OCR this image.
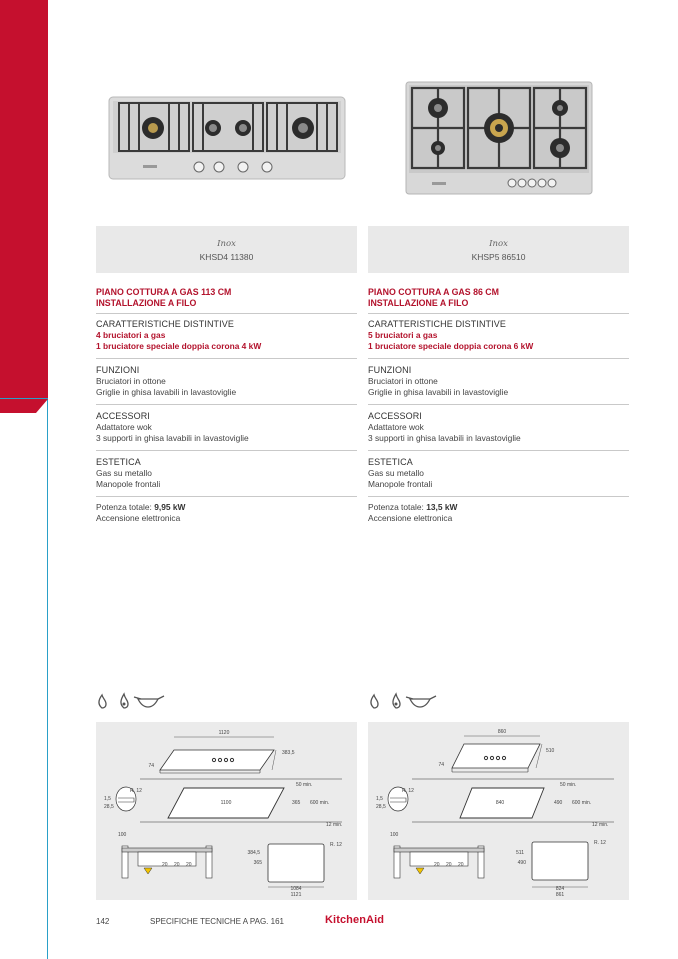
Inox
KHSD4 11380
PIANO COTTURA A GAS 113 CM
INSTALLAZIONE A FILO
CARATTERISTICHE DISTINTIVE
4 bruciatori a gas
1 bruciatore speciale doppia corona 4 kW
FUNZIONI
Bruciatori in ottone
Griglie in ghisa lavabili in lavastoviglie
ACCESSORI
Adattatore wok
3 supporti in ghisa lavabili in lavastoviglie
ESTETICA
Gas su metallo
Manopole frontali
Potenza totale: 9,95 kW
Accensione elettronica
1120
383,5
74
1100	365 600 min.
50 min.
12 min.
R. 12
1,5
28,5
100
20 20 20
R. 12
384,5
365
1084
1121
Inox
KHSP5 86510
PIANO COTTURA A GAS 86 CM
INSTALLAZIONE A FILO
CARATTERISTICHE DISTINTIVE
5 bruciatori a gas
1 bruciatore speciale doppia corona 6 kW
FUNZIONI
Bruciatori in ottone
Griglie in ghisa lavabili in lavastoviglie
ACCESSORI
Adattatore wok
3 supporti in ghisa lavabili in lavastoviglie
ESTETICA
Gas su metallo
Manopole frontali
Potenza totale: 13,5 kW
Accensione elettronica
860
510
74
840	490 600 min.
50 min.
12 min.
R. 12
1,5
28,5
100
20 20 20
R. 12
511
490
824
861
142	SPECIFICHE TECNICHE A PAG. 161	KitchenAid
